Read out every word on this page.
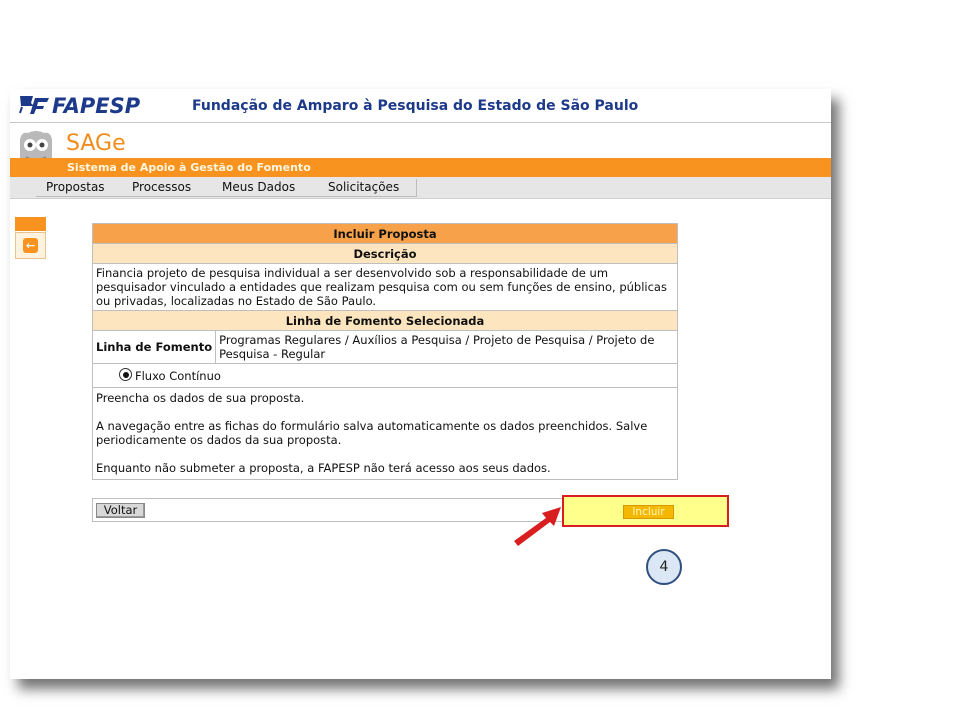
FAPESP	Fundação de Amparo à Pesquisa do Estado de São Paulo
SAGe
Sistema de Apoio à Gestão do Fomento
Propostas	Processos	Meus Dados	Solicitações
←
Incluir Proposta
Descrição
Financia projeto de pesquisa individual a ser desenvolvido sob a responsabilidade de um pesquisador vinculado a entidades que realizam pesquisa com ou sem funções de ensino, públicas ou privadas, localizadas no Estado de São Paulo.
Linha de Fomento Selecionada
Linha de Fomento	Programas Regulares / Auxílios a Pesquisa / Projeto de Pesquisa / Projeto de Pesquisa - Regular
Fluxo Contínuo

Preencha os dados de sua proposta.
A navegação entre as fichas do formulário salva automaticamente os dados preenchidos. Salve periodicamente os dados da sua proposta.
Enquanto não submeter a proposta, a FAPESP não terá acesso aos seus dados.
Voltar	Incluir
4
